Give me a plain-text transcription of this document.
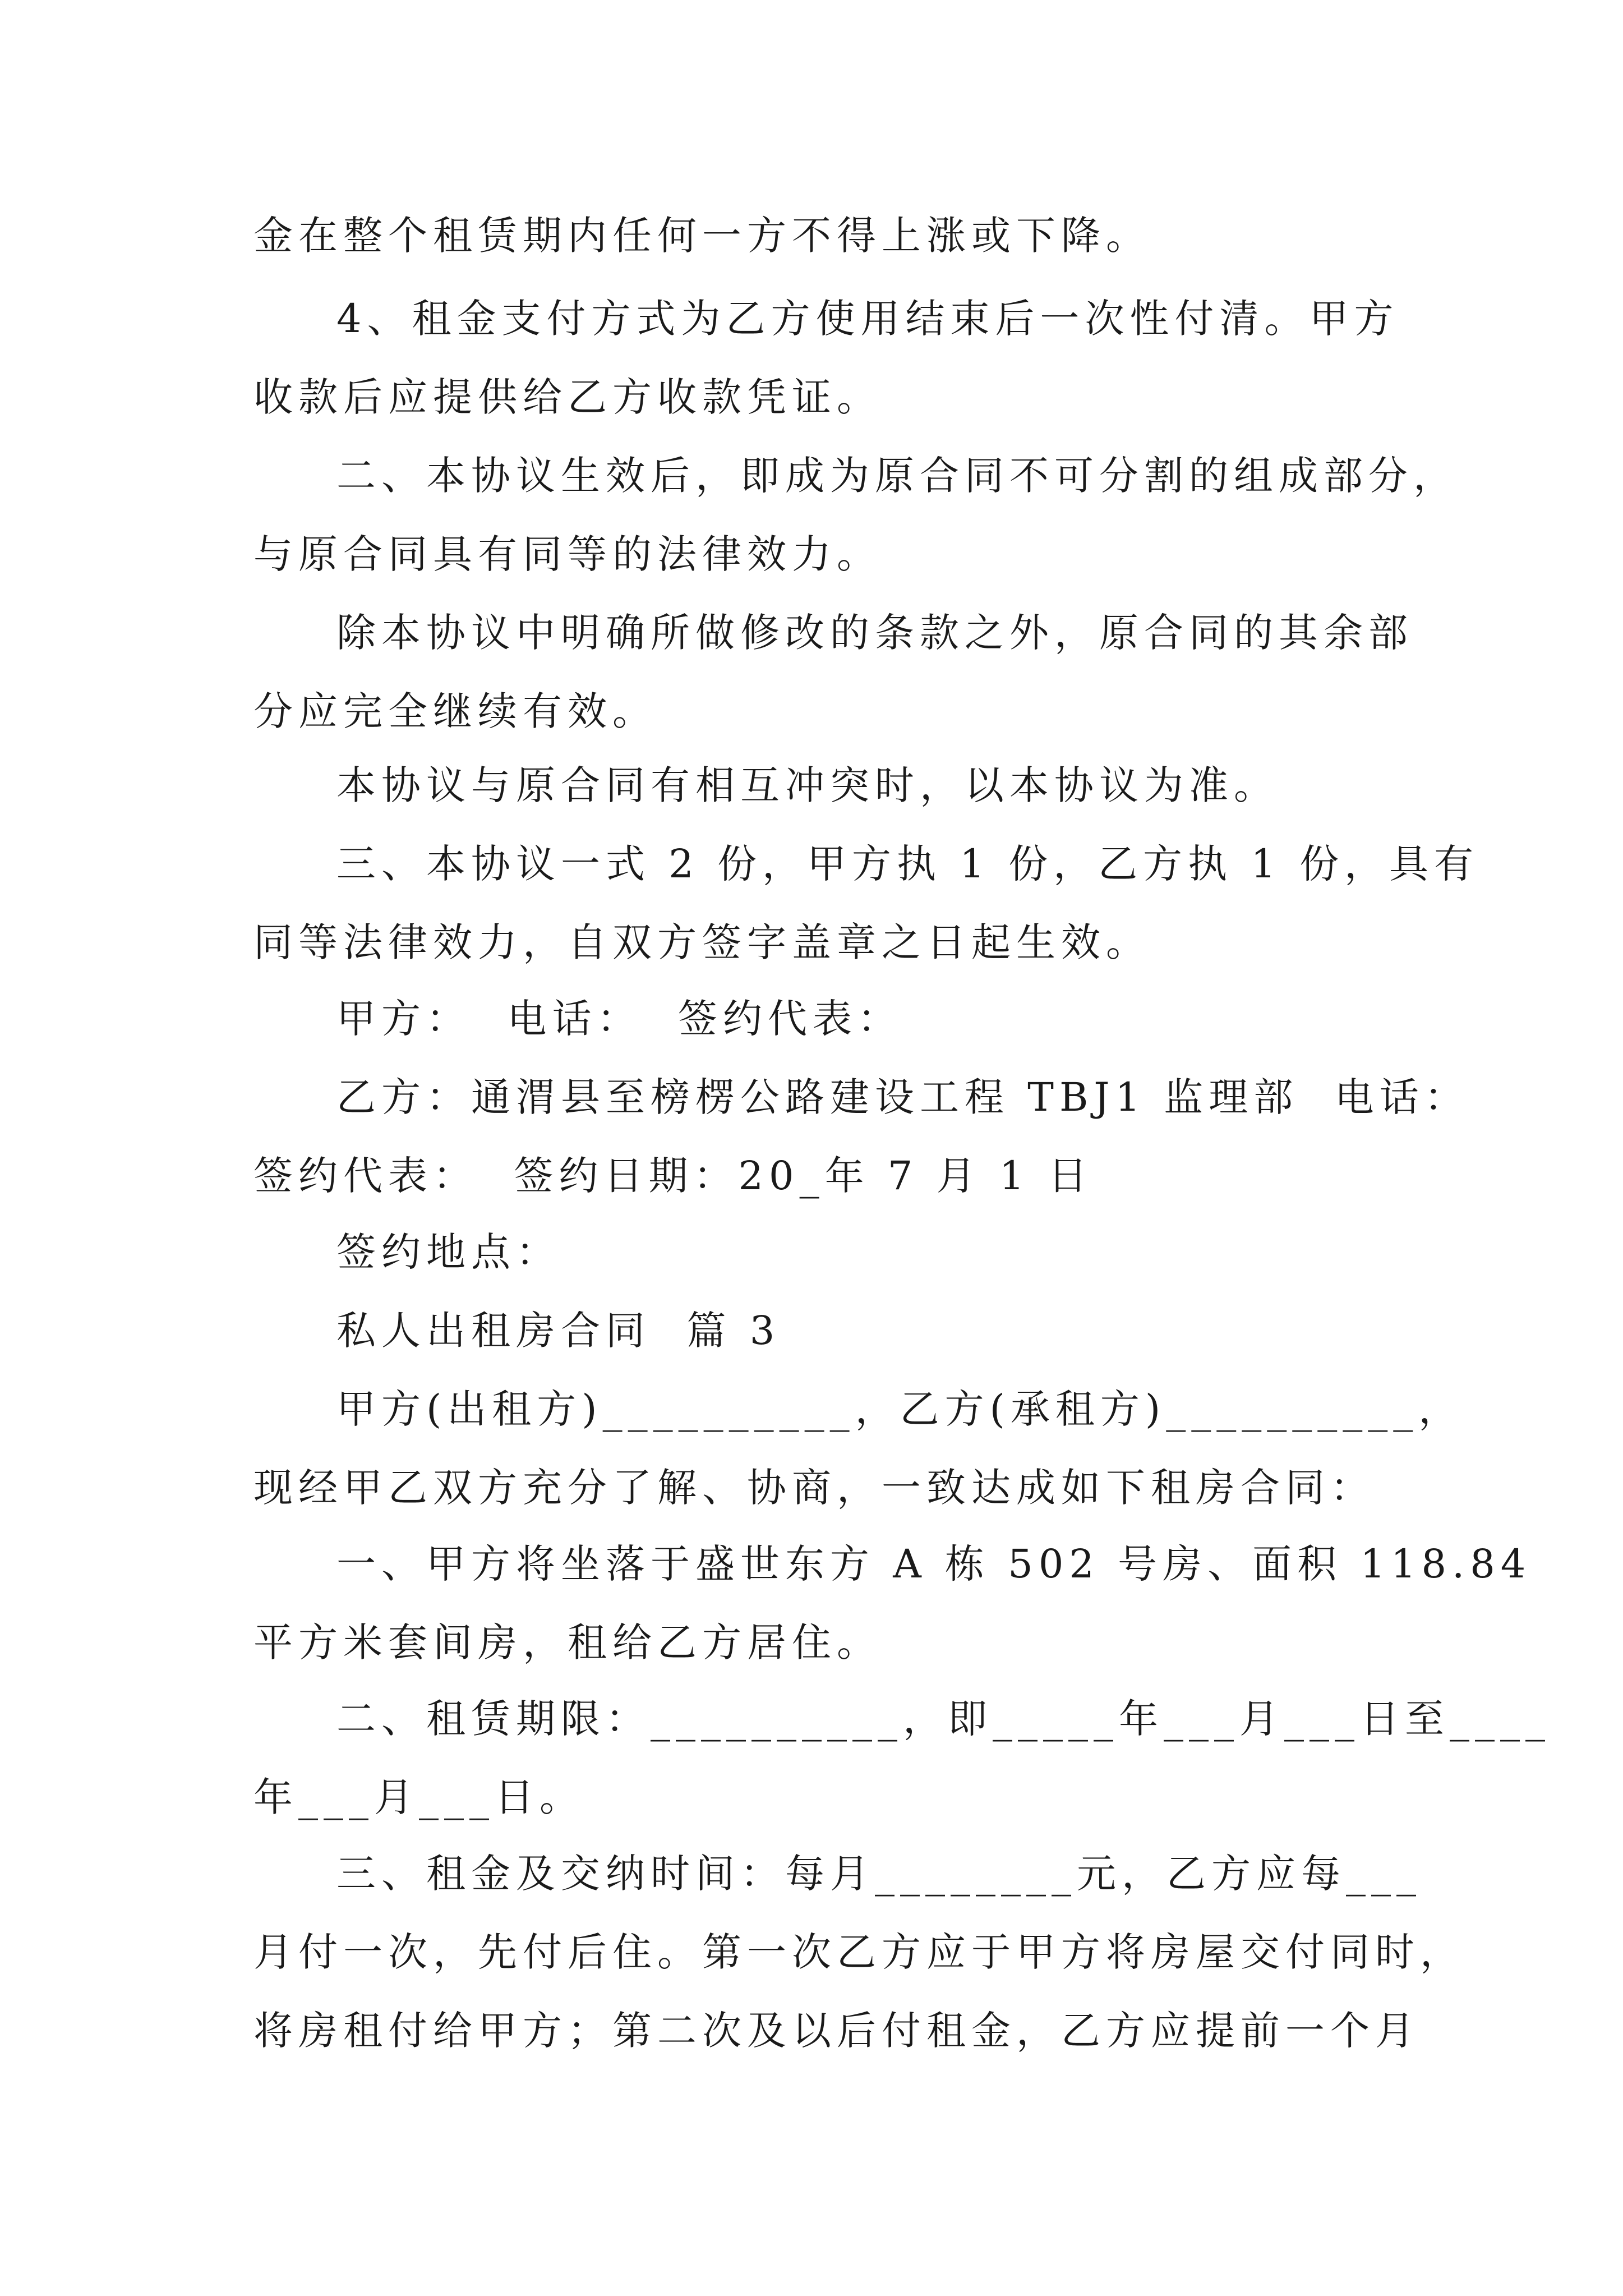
金在整个租赁期内任何一方不得上涨或下降。
4、租金支付方式为乙方使用结束后一次性付清。甲方
收款后应提供给乙方收款凭证。
二、本协议生效后，即成为原合同不可分割的组成部分，
与原合同具有同等的法律效力。
除本协议中明确所做修改的条款之外，原合同的其余部
分应完全继续有效。
本协议与原合同有相互冲突时，以本协议为准。
三、本协议一式 2 份，甲方执 1 份，乙方执 1 份，具有
同等法律效力，自双方签字盖章之日起生效。
甲方：  电话：  签约代表：
乙方：通渭县至榜楞公路建设工程 TBJ1 监理部  电话：
签约代表：  签约日期：20_年 7 月 1 日
签约地点：
私人出租房合同  篇 3
甲方(出租方)__________，乙方(承租方)__________，
现经甲乙双方充分了解、协商，一致达成如下租房合同：
一、甲方将坐落于盛世东方 A 栋 502 号房、面积 118.84
平方米套间房，租给乙方居住。
二、租赁期限：__________，即_____年___月___日至____
年___月___日。
三、租金及交纳时间：每月________元，乙方应每___
月付一次，先付后住。第一次乙方应于甲方将房屋交付同时，
将房租付给甲方；第二次及以后付租金，乙方应提前一个月
